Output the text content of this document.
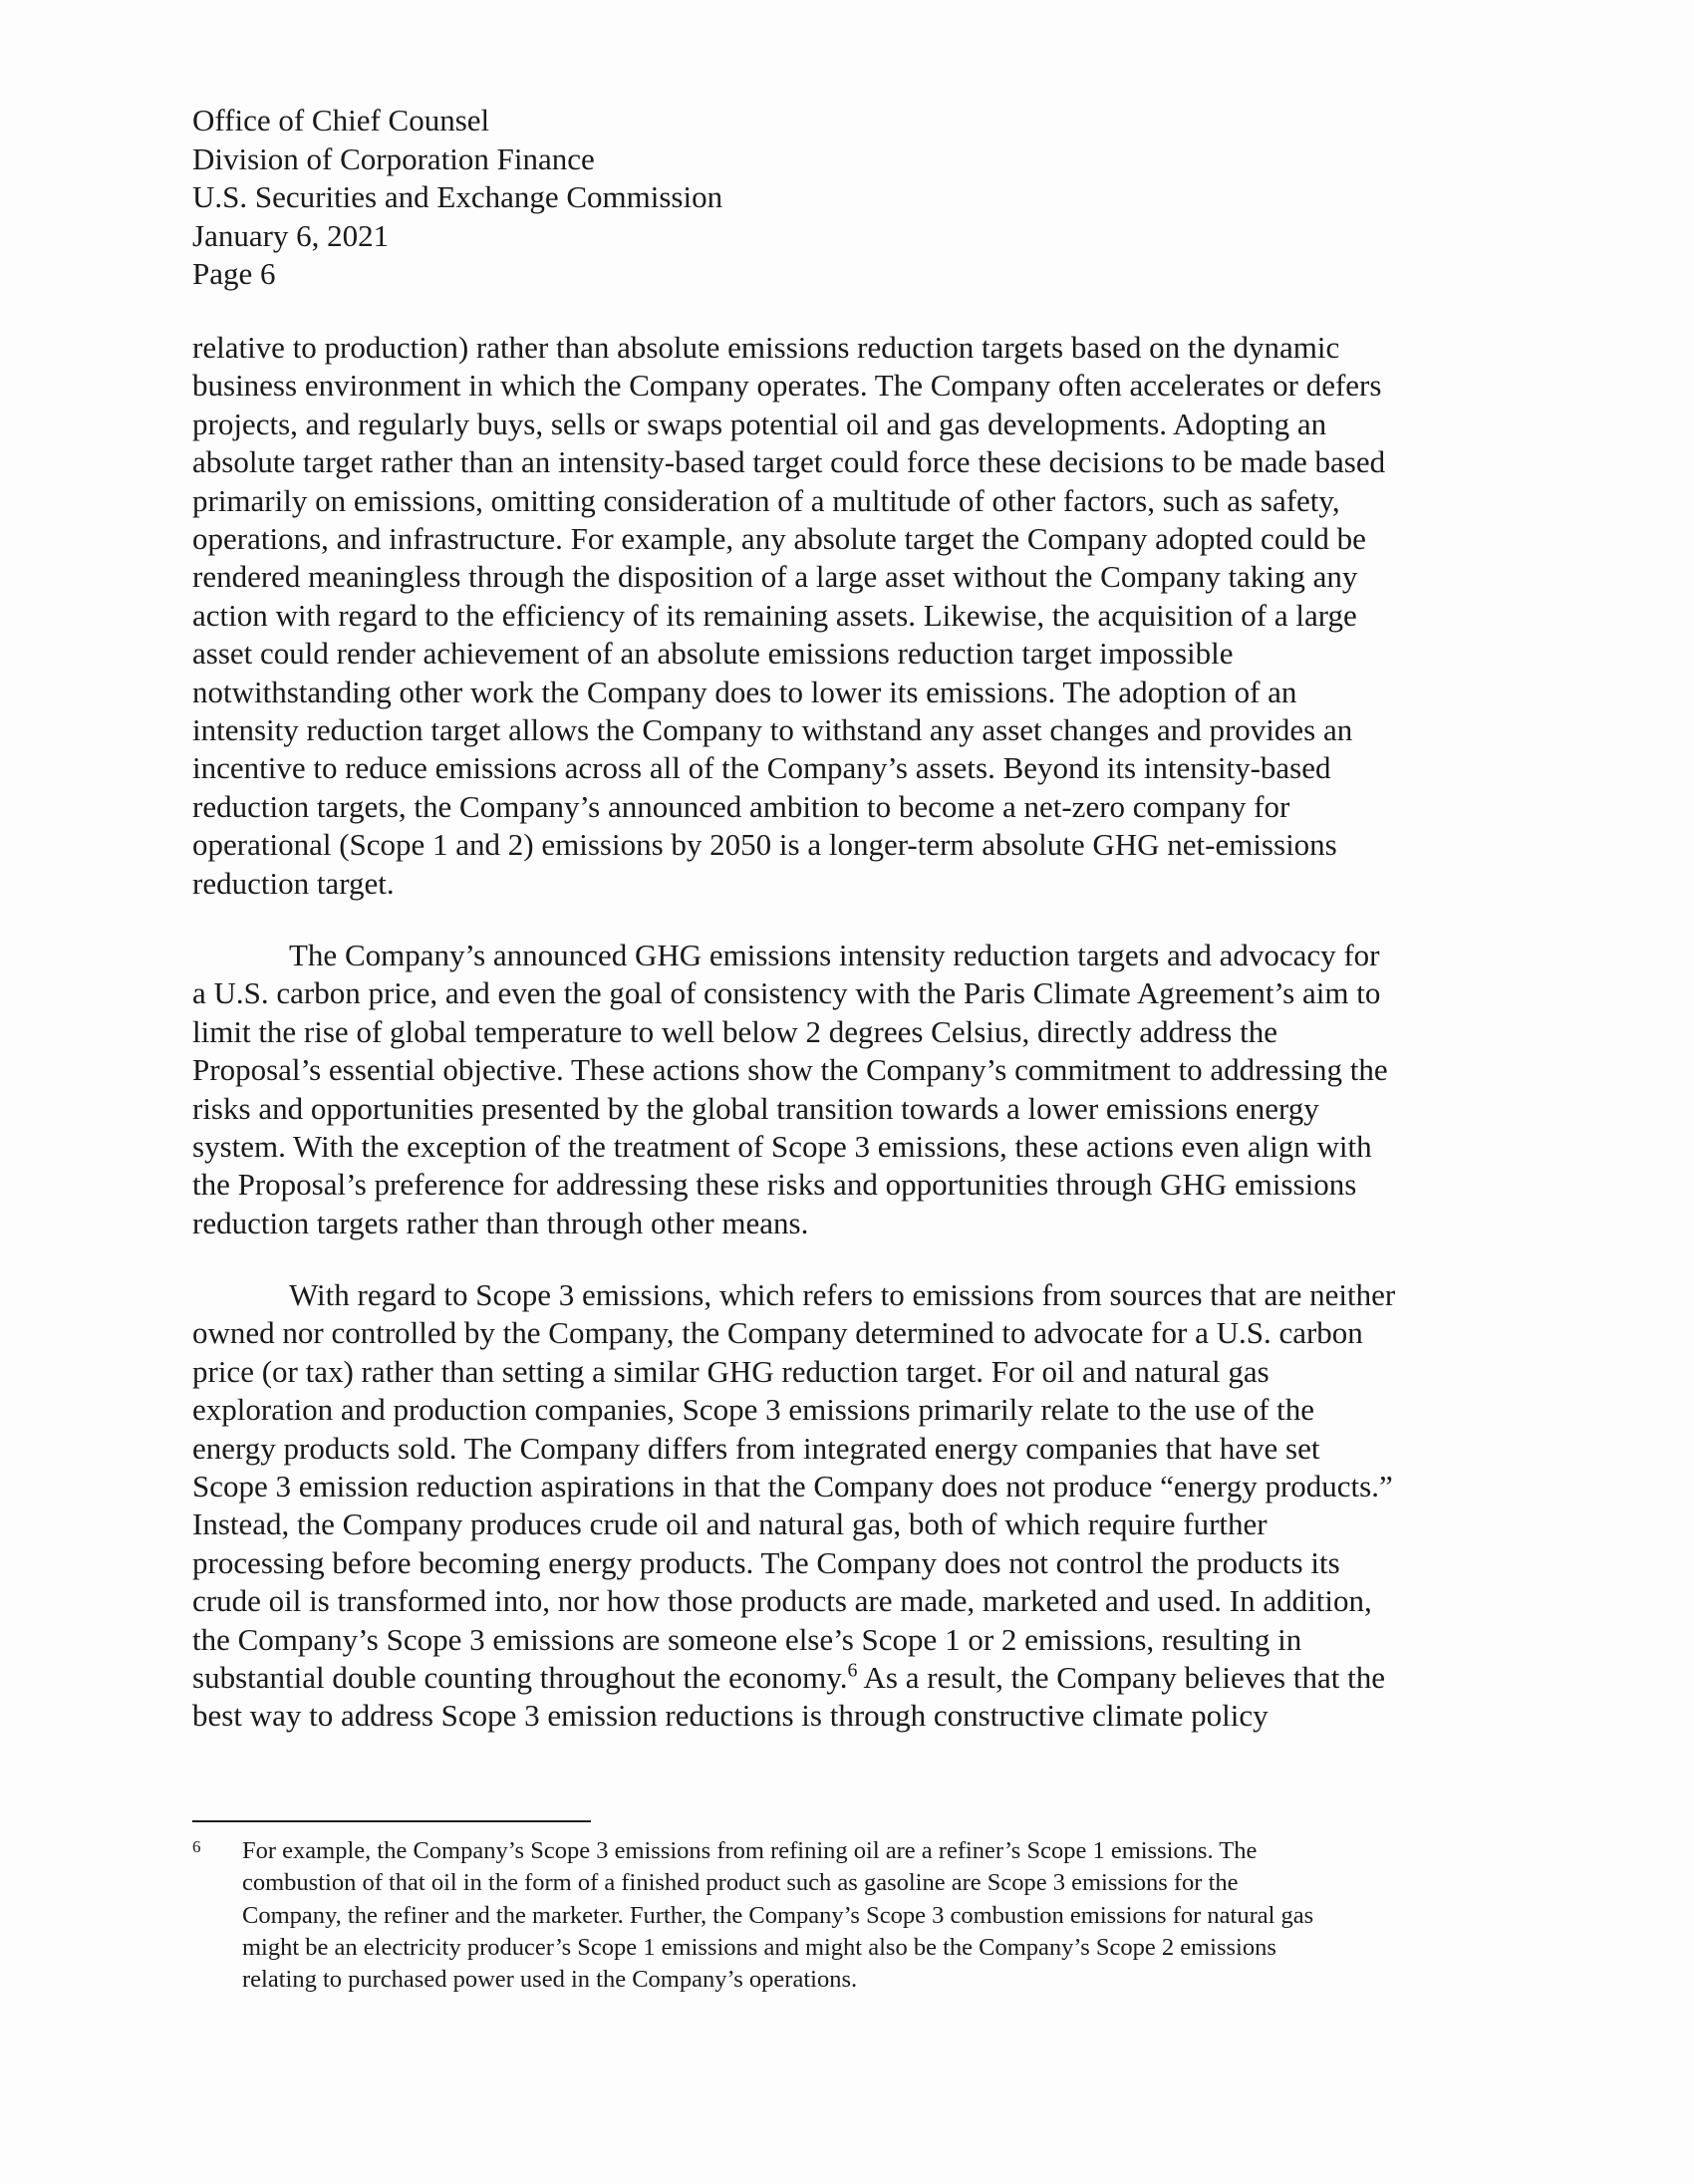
Office of Chief Counsel
Division of Corporation Finance
U.S. Securities and Exchange Commission
January 6, 2021
Page 6
relative to production) rather than absolute emissions reduction targets based on the dynamic
business environment in which the Company operates. The Company often accelerates or defers
projects, and regularly buys, sells or swaps potential oil and gas developments. Adopting an
absolute target rather than an intensity-based target could force these decisions to be made based
primarily on emissions, omitting consideration of a multitude of other factors, such as safety,
operations, and infrastructure. For example, any absolute target the Company adopted could be
rendered meaningless through the disposition of a large asset without the Company taking any
action with regard to the efficiency of its remaining assets. Likewise, the acquisition of a large
asset could render achievement of an absolute emissions reduction target impossible
notwithstanding other work the Company does to lower its emissions. The adoption of an
intensity reduction target allows the Company to withstand any asset changes and provides an
incentive to reduce emissions across all of the Company’s assets. Beyond its intensity-based
reduction targets, the Company’s announced ambition to become a net-zero company for
operational (Scope 1 and 2) emissions by 2050 is a longer-term absolute GHG net-emissions
reduction target.
The Company’s announced GHG emissions intensity reduction targets and advocacy for
a U.S. carbon price, and even the goal of consistency with the Paris Climate Agreement’s aim to
limit the rise of global temperature to well below 2 degrees Celsius, directly address the
Proposal’s essential objective. These actions show the Company’s commitment to addressing the
risks and opportunities presented by the global transition towards a lower emissions energy
system. With the exception of the treatment of Scope 3 emissions, these actions even align with
the Proposal’s preference for addressing these risks and opportunities through GHG emissions
reduction targets rather than through other means.
With regard to Scope 3 emissions, which refers to emissions from sources that are neither
owned nor controlled by the Company, the Company determined to advocate for a U.S. carbon
price (or tax) rather than setting a similar GHG reduction target. For oil and natural gas
exploration and production companies, Scope 3 emissions primarily relate to the use of the
energy products sold. The Company differs from integrated energy companies that have set
Scope 3 emission reduction aspirations in that the Company does not produce “energy products.”
Instead, the Company produces crude oil and natural gas, both of which require further
processing before becoming energy products. The Company does not control the products its
crude oil is transformed into, nor how those products are made, marketed and used. In addition,
the Company’s Scope 3 emissions are someone else’s Scope 1 or 2 emissions, resulting in
substantial double counting throughout the economy.$^6$ As a result, the Company believes that the
best way to address Scope 3 emission reductions is through constructive climate policy
6 For example, the Company’s Scope 3 emissions from refining oil are a refiner’s Scope 1 emissions. The
combustion of that oil in the form of a finished product such as gasoline are Scope 3 emissions for the
Company, the refiner and the marketer. Further, the Company’s Scope 3 combustion emissions for natural gas
might be an electricity producer’s Scope 1 emissions and might also be the Company’s Scope 2 emissions
relating to purchased power used in the Company’s operations.
